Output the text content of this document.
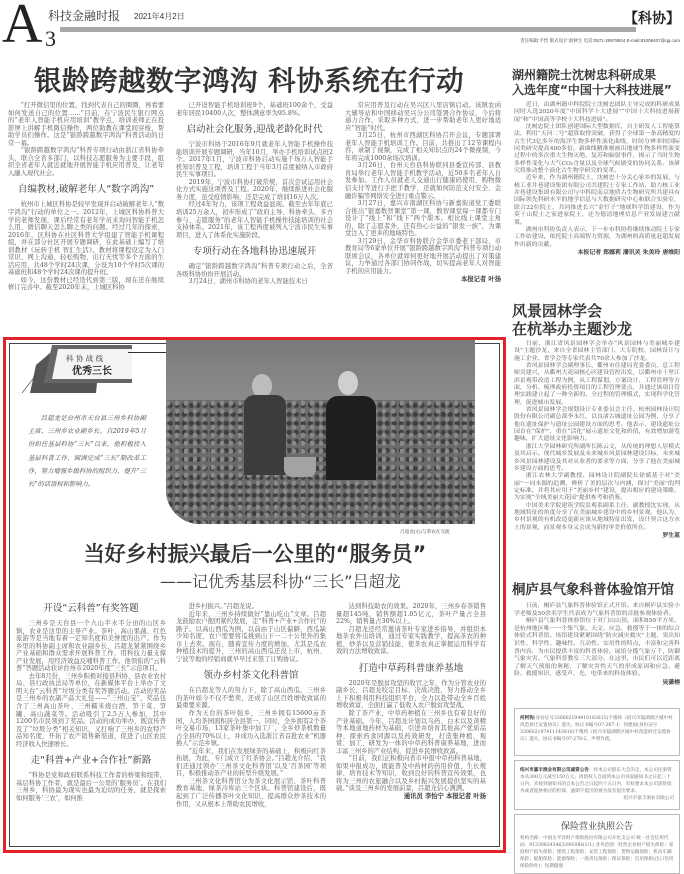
A 3
科技金融时报 2021年4月2日	【科协】
责任编辑:平怡 版式设计:俞秋生 电话:0571-28978924 E-mail:81008407@qq.com
银龄跨越数字鸿沟 科协系统在行动

“打开微信里的位置，找到代表自己的圈圈，再看要如何发送自己的位置……”目前，在宁波民生银行网点的“老年人智能手机应用培训”教学点，培训老师正在投影屏上讲解手机微信操作，两位助教在课堂间穿梭，帮助学员们操作。这是“银龄跨越数字鸿沟”科普活动的日常一幕。

“银龄跨越数字鸿沟”科普专项行动由浙江省科协牵头，联合全省多部门，以科技志愿服务为主要手段，组织全省老年人就近就地开展智能手机应用普及，让老年人融入现代社会。

自编教材,破解老年人“数字鸿沟”

杭州市上城区科协是较早发现并启动破解老年人“数字鸿沟”行动的单位之一。2012年，上城区科协科普大学的老师发现，课后经常有老年学员来询问智能手机怎么用、微信聊天怎么聊之类的问题。经过几年的探索，2016年，区科协在社区科普大学组建了智能手机课程组，并在部分社区开展专题调研，在此基础上编写了培训教材《玩转手机 智汇生活》。教材将课程设定为入门常识、网上沟通、轻松购物、出行无忧等多个方面的生活应用，共48个学时24次课，分设为10个学时5次课的基础班和48个学时24次课的提升班。

如今，这份教材已经迭代到第三版，现在还在继续修订完善中。截至2020年末，上城区科协

已开设智能手机培训班9个，基础班100余个，受益老年居民10400人次，整体满意率为95.8%。

启动社会化服务,迎战老龄化时代

宁波市科协于2016年9月就老年人智能手机操作技能培训开展专题调研，当年10月，举办手机培训试点班2个。2017年1月，宁波市科协启动实施千场万人智能手机知识普及工程，培训工程于当年3月首度被纳入市政府民生实事项目。

2019年，宁波市科协打破常规，首次尝试运用社会化方式实施这项普及工程。2020年，继续推进社会化服务力度，虽受疫情影响，还是完成了培训16万人次。

经过4年努力，该项工程效益显现。截至去年年底已培训25万余人，初步形成了“政府主导、科协牵头、多方参与、志愿服务”的老年人智能手机操作技能培训的社会支持体系。2021年，该工程再度被列入宁波市民生实事项目，进入了体系化实施阶段。

专项行动在各地科协迅速展开

确定“银龄跨越数字鸿沟”科普专项行动之后，全省各级科协纷纷开展活动。

3月24日，湖州市科协的老年人智能技术日

常应用普及行动在吴兴区八里店镇启动。该镇农函大辅导站和中国移动吴兴分公司签署合作协议，今后将通力合作，采取多种方式，进一步帮助老年人更好地适应“智能”时代。

3月25日，杭州市西湖区科协召开会议，专题部署老年人智能手机培训工作。目前，共推出了12节课程内容，录制了视频，完成了相关知识点的24个微视频，今年将完成1000余场次培训。

3月26日，台州天台县科协联同县委宣传部、县教育局举行老年人智能手机教学活动，近50多名老年人自发参加。工作人员就老人交通出行健康码使用、购物微信支付等进行手把手教学，还就如何防范支付安全、金融诈骗等网络安全进行重点警示。

3月27日，嘉兴市南湖区科协与新嘉街道党工委联合推出“银嘉数智课堂”第一课，数智课堂每一课都专门设计了“线上”和“线下”两个版本。相比线上课堂主角的，除了志愿者外，还有热心公益的“银发一族”，为课堂注入了更多的地域特色。

3月29日，金华市科协联合金华市委老干部局、市教育局等6家单位开展“银龄跨越数字鸿沟”科普专项行动联席会议，各单位就如何更好地开展活动提出了对策建议，力争通过各部门协同作战，切实提高老年人对智能手机的应用能力。

本报记者 叶扬

湖州籍院士沈树忠科研成果
入选年度“中国十大科技进展”

近日，由湖州籍中科院院士沈树忠团队主导完成的科研成果同时入选2020年度“中国科学十大进展”“中国十大科技进展新闻”和“中国高等学校十大科技进展”。

沈树忠院士团队创建国际大型数据库，自主研发人工智能算法，利用“天河二号”超算取得突破，获得了全球第一条高精度的古生代3亿多年的海洋生物多样性演化曲线，时间分辨率较国际同类研究提高400多倍。新曲线精准刻画出地球生物多样性演变过程中的多次重大生物灭绝、复苏和辐射事件，揭示了当时生物多样性变化与大气CO₂含量以及全球气候剧变的协同关系。该研究将推动整个演化古生物学研究的变革。

近年来，作为湖州籍院士，沈树忠十分关心家乡的发展，与核工业井巷建设集团有限公司共建院士专家工作站，助力核工业井巷建设集团有限公司与中科院南京地质古生物研究所共建具有国际领先科研水平的地学信息与大数据研究中心和联合实验室，联合22位院士，共同推进长兴“金钉子”地球科学馆建设，作为莫干山院士之家进家院士，还为德清地理信息产业发展建言献策。

湖州市科协负责人表示，下一步市科协将继续推动院士专家工作站建设，依托院士高端智力资源，为湖州的高质量赶超发展作出新的贡献。

本报记者 郑娜莉 潘讯灵 朱美玲 唐维阳

风景园林学会
在杭举办主题沙龙

日前，浙江省风景园林学会举办“风景园林与美丽城乡建设”主题沙龙，来自全省园林主管部门、大专院校、园林设计与施工企业、省学会等专家代表共70余人参加了沙龙。

省风景园林学会副理事长、衢州市住建局党委委员、总工程师吴建兴，从衢州大花园核心区建设管控出发，以衢州市十里江滨景观带改造工程为例，从工程谋划、方案设计、工程管理等方面，分析、梳理政府投资项目的工程管理要点，并通过该项目管理实践建立起了一种全新的、全过程的管理模式，实现科学化管理，促进城市发展。

省风景园林学会规划设计专业委员会主任、杭州园林设计院股份有限公司副总裁李永红，以良渚古城遗址公园为例，分享了他在遗址保护与遗址公园建设方面的思考。他表示，建设遗址公园首在“保护”，重在“活化”展示遗址文化和价值，有效增加游览趣味，扩大遗址文化影响力。

浙江大学园林研究所副所长陈云文，从传统的理想人居模式及其启示、现代城乡发展及未来城乡风景园林建设目标、未来城乡风景园林建设及其对从业者的要求等方面，分享了他在美丽城乡建设方面的思考。

浙江农林大学副教授、园林设计院副院长徐斌基于对“美丽”一词本源的追溯，辨析了美的层次与内涵，探讨“美丽”的判定标准，并将其应用于“美丽乡村”建设，提出相应的建设策略，为实现“全域美丽大花园”提供参考和借鉴。

中国美术学院建筑学院景观系副系主任、副教授沈实现，从地域特征的角度分享了在美丽城乡建设中的乡村景观。他认为，乡村景观的有机改造更新应该从地域特征出发，设计契合这方水土的景观，而景观本身又会成为新的审美价值所在。

罗生蓝

桐庐县气象科普体验馆开馆

日前，桐庐县气象科普体验馆正式开馆。来自桐庐县实验小学老师及50余名学生代表成为气象科普馆的首批参观体验者。

桐庐县气象科普体验馆位于对门山山顶，面积850平方米，是杭州地区唯一一个集气象、天文、应急、救援等于一体的综合体验式科普馆。场馆建设紧紧围绕“防灾减灾救灾”主题，突出知识性、科学性、趣味性、互动性、实用性的特点，丰富和完善科普内容，为市民提供丰富的科普体验。展馆分揽气象万千、防御气象灾害、气象科普教室三大部分。在这里，市民们可以近距离了解天气预报的奥秘，了解灾害性天气的形成原因和应急、避险、救援知识，感受声、光、电带来的科技体验。

吴潇榕

何阿狗(身份证号330602194810163815)不慎将《绍兴市镜湖新区城中村改造拆迁安置协议》遗失，协议书编号07-287-1；何建国(身份证号330602197411143810)不慎将《绍兴市镜湖新区城中村改造拆迁安置协议》遗失，协议书编号07-278-2，声明作废。
绍兴市嘉丰酒业有限公司减资公告：经本公司股东大会决定，本公司注册资本从300万元减至150万元。请债权人自接到本公司书面通知书之日起三十日内，未接到通知书的自本公告之日起四十五日内，有权要求本公司清偿债务或者提供相应的担保，逾期不提出的视为没有提出要求。
绍兴市嘉丰酒业有限公司
保险营业执照公告
机构名称：中国太平洋财产保险股份有限公司开化支公司 统一社会信用代码：91330824346329930H(1/1) 业务范围：经营企业财产损失保险；家庭财产损失保险；建筑工程保险；安装工程保险；货物运输保险；机动车辆保险；船舶保险；能源保险；一般责任保险；保证保险；信用保险(出口信用保险除外)；短期健康
科 协 战 线
优秀三长
吕超龙是台州市天台县三州乡科协副主席、三州乡农业副乡长。自2019年5月份担任基层科协“三长”以来，他积极投入基层科普工作，圆满完成“三长”制改革工作，努力增强乡级科协的组织力，提升“三长”的话语权和影响力。
吕超龙(右)与茶农在交流
当好乡村振兴最后一公里的“服务员”
——记优秀基层科协“三长”吕超龙

开设“云科普”有奖答题

三州乡是天台县一个九山半水半分田的山区乡镇，农业是这里的主导产业。茶叶、高山果蔬、红色旅游等是当地有着一定知名度和美誉度的出产。作为乡里的科协副主席和农业副乡长，吕超龙紧紧围绕乡产业基础和群众需求开展科普工作，用科技力量支撑产业发展，用经济效益反哺科普工作。他领衔的“云科普”答题活动获评台州市2020年度“三长”示范项目。

去年8月份，三州乡积极对接县科协、县农业农村局、县行政执法局等单位，在新媒体平台上举办了文明天台“云科普”垃圾分类有奖答题活动。活动的奖品是三州乡的农副产品大礼包——“三州山宝”，奖品包含了三州高山茶叶、三州糯米烧白酒、笋干菜、笋罐、高山蔬菜等。活动吸引了2.5万人参加，其中1200名市民领到了奖品。活动的成功举办，既宣传普及了“垃圾分类”相关知识，又打响了三州乡的农特产品知名度，开拓了农产销售新渠道，促进了山区农民经济收入快速增长。

走“科普+产业+合作社”新路

“科协是党和政府联系科技工作者的桥梁和纽带，基层科协工作者，就是最后一公里的‘服务员’。在我们三州乡，科协最为现实也最为迫切的任务，就是探索如何服务‘三农’，如何推

进乡村振兴。”吕超龙说。

近年来，三州乡持续做好“靠山吃山”文章。吕超龙鼓励农户抱团紧约发展，走“科普+产业+合作社”的路子。以高山西瓜为例，以前由于山区偏僻，西瓜缺少知名度，农户需要将瓜挑到山下一二十公里外的集市上去卖。现在，随着宣传力度的增加，尤其是瓜农种植技术的提升，三州的高山西瓜还没上市，杭州、宁波等地的经销商就早早过来签了订购协议。

领办乡村茶文化科普馆

在吕超龙等人的努力下，除了高山西瓜，三州乡的茶叶如今不仅不愁卖，还成了山区百姓增收致富的最重要来源。

作为天台的茶叶强乡，三州乡拥有15600亩茶园，人均茶园面积居全县第一。同时，全乡拥有2个茶叶交易市场，13家茶叶集中加工厂，全乡炒茶机数量占全县的70%以上，并成功入选浙江省首批农业“机器换人”示范乡镇。

“近年来，我们在发展绿茶的基础上，积极向红茶拓展，为此，专门成立了红茶协会。”吕超龙介绍，“我们还通过领办‘三州茶文化科普馆’以及‘百茶园’等项目，积极推动茶产业的转型升级发展。”

三州茶文化科普馆分为茶文化展示馆、茶叶科普教育基地、绿茶冷库站三个区块。科普馆建设后，既起到了广泛传播茶叶文化知识、提高群众炒茶技术的作用，又从根本上帮助农民增收，

达到科技助农的效果。2020年，三州乡春茶销售量超145吨，销售额超1.05亿元，茶叶产量占全县22%，销售量占30%以上。

吕超龙还经常邀请茶叶专家进乡指导，并组织本地茶农外出培训，通过专家实践教学，提高茶农的种植、炒茶以及营销技能，使茶农真正掌握运用科学有效的方法增收致富。

打造中草药科普康养基地

2020年是脱贫攻坚的收官之年，作为分管农业的副乡长，吕超龙咬定目标、决战决胜，努力推动全乡上下积极利用科技组织平台，全力以赴带动全乡百姓增收致富，全面打赢了低收入农户脱贫攻坚战。

除了茶产业，中草药种植在三州乡也有着良好的产业基础。今年，吕超龙计划以乌药、白术以及黄精等本地道地药材为基础，引进并培育其他高产优质品种，探索药食同源以及药效研发，打造集种植、观赏、加工、研发为一体的中草药科普康养基地，进而丰富三州乡的产业结构，促进乡民增收致富。

“目前，我们正积极向省市申报中草药科普基地，如果申报成功，既能普及中药材的药用价值、生长规律、培育技术等知识，收到良好的科普宣传效果，也将为三州的农旅融合以及乡村振兴发展提供坚实的基础。”谈及三州乡的发展前景，吕超龙信心满满。

通讯员 李怡宁 本报记者 叶扬
